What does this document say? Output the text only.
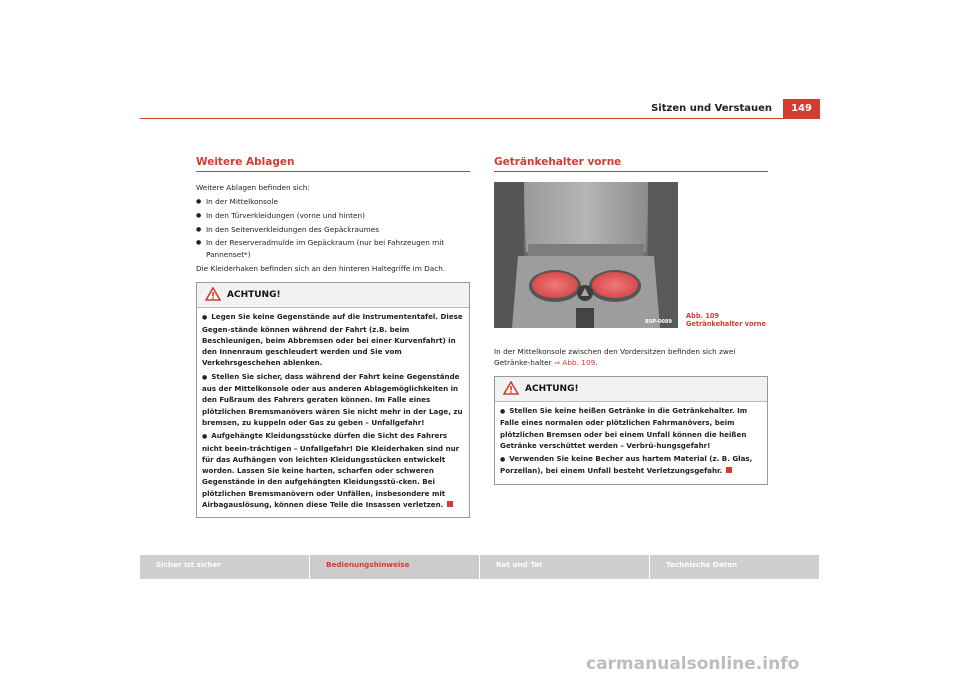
Sitzen und Verstauen	149
Weitere Ablagen

Weitere Ablagen befinden sich:

● In der Mittelkonsole
● In den Türverkleidungen (vorne und hinten)
● In den Seitenverkleidungen des Gepäckraumes
● In der Reserveradmulde im Gepäckraum (nur bei Fahrzeugen mit Pannenset*)

Die Kleiderhaken befinden sich an den hinteren Haltegriffe im Dach.

ACHTUNG!
● Legen Sie keine Gegenstände auf die Instrumententafel. Diese Gegen-stände können während der Fahrt (z.B. beim Beschleunigen, beim Abbremsen oder bei einer Kurvenfahrt) in den Innenraum geschleudert werden und Sie vom Verkehrsgeschehen ablenken.
● Stellen Sie sicher, dass während der Fahrt keine Gegenstände aus der Mittelkonsole oder aus anderen Ablagemöglichkeiten in den Fußraum des Fahrers geraten können. Im Falle eines plötzlichen Bremsmanövers wären Sie nicht mehr in der Lage, zu bremsen, zu kuppeln oder Gas zu geben – Unfallgefahr!
● Aufgehängte Kleidungsstücke dürfen die Sicht des Fahrers nicht beein-trächtigen – Unfallgefahr! Die Kleiderhaken sind nur für das Aufhängen von leichten Kleidungsstücken entwickelt worden. Lassen Sie keine harten, scharfen oder schweren Gegenstände in den aufgehängten Kleidungsstü-cken. Bei plötzlichen Bremsmanövern oder Unfällen, insbesondere mit Airbagauslösung, können diese Teile die Insassen verletzen.
Getränkehalter vorne
B5P-0089
Abb. 109 Getränkehalter vorne
In der Mittelkonsole zwischen den Vordersitzen befinden sich zwei Getränke-halter ⇒ Abb. 109.
ACHTUNG!
● Stellen Sie keine heißen Getränke in die Getränkehalter. Im Falle eines normalen oder plötzlichen Fahrmanövers, beim plötzlichen Bremsen oder bei einem Unfall können die heißen Getränke verschüttet werden – Verbrü-hungsgefahr!
● Verwenden Sie keine Becher aus hartem Material (z. B. Glas, Porzellan), bei einem Unfall besteht Verletzungsgefahr.
Sicher ist sicher	Bedienungshinweise	Rat und Tat	Technische Daten
carmanualsonline.info
